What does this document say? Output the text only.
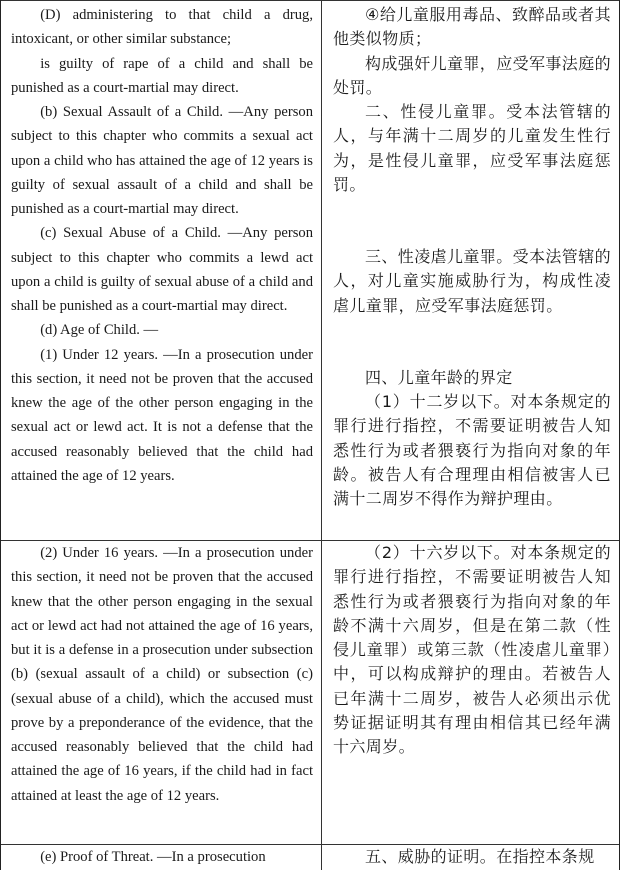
(D) administering to that child a drug, intoxicant, or other similar substance;

is guilty of rape of a child and shall be punished as a court-martial may direct.

(b) Sexual Assault of a Child. —Any person subject to this chapter who commits a sexual act upon a child who has attained the age of 12 years is guilty of sexual assault of a child and shall be punished as a court-martial may direct.

(c) Sexual Abuse of a Child. —Any person subject to this chapter who commits a lewd act upon a child is guilty of sexual abuse of a child and shall be punished as a court-martial may direct.

(d) Age of Child. —

(1) Under 12 years. —In a prosecution under this section, it need not be proven that the accused knew the age of the other person engaging in the sexual act or lewd act. It is not a defense that the accused reasonably believed that the child had attained the age of 12 years.

④给儿童服用毒品、致醉品或者其他类似物质；

构成强奸儿童罪，应受军事法庭的处罚。

二、性侵儿童罪。受本法管辖的人，与年满十二周岁的儿童发生性行为，是性侵儿童罪，应受军事法庭惩罚。

三、性凌虐儿童罪。受本法管辖的人，对儿童实施威胁行为，构成性凌虐儿童罪，应受军事法庭惩罚。

四、儿童年龄的界定

（1）十二岁以下。对本条规定的罪行进行指控，不需要证明被告人知悉性行为或者猥亵行为指向对象的年龄。被告人有合理理由相信被害人已满十二周岁不得作为辩护理由。

(2) Under 16 years. —In a prosecution under this section, it need not be proven that the accused knew that the other person engaging in the sexual act or lewd act had not attained the age of 16 years, but it is a defense in a prosecution under subsection (b) (sexual assault of a child) or subsection (c) (sexual abuse of a child), which the accused must prove by a preponderance of the evidence, that the accused reasonably believed that the child had attained the age of 16 years, if the child had in fact attained at least the age of 12 years.

（2）十六岁以下。对本条规定的罪行进行指控，不需要证明被告人知悉性行为或者猥亵行为指向对象的年龄不满十六周岁，但是在第二款（性侵儿童罪）或第三款（性凌虐儿童罪）中，可以构成辩护的理由。若被告人已年满十二周岁，被告人必须出示优势证据证明其有理由相信其已经年满十六周岁。

(e) Proof of Threat. —In a prosecution	五、威胁的证明。在指控本条规
